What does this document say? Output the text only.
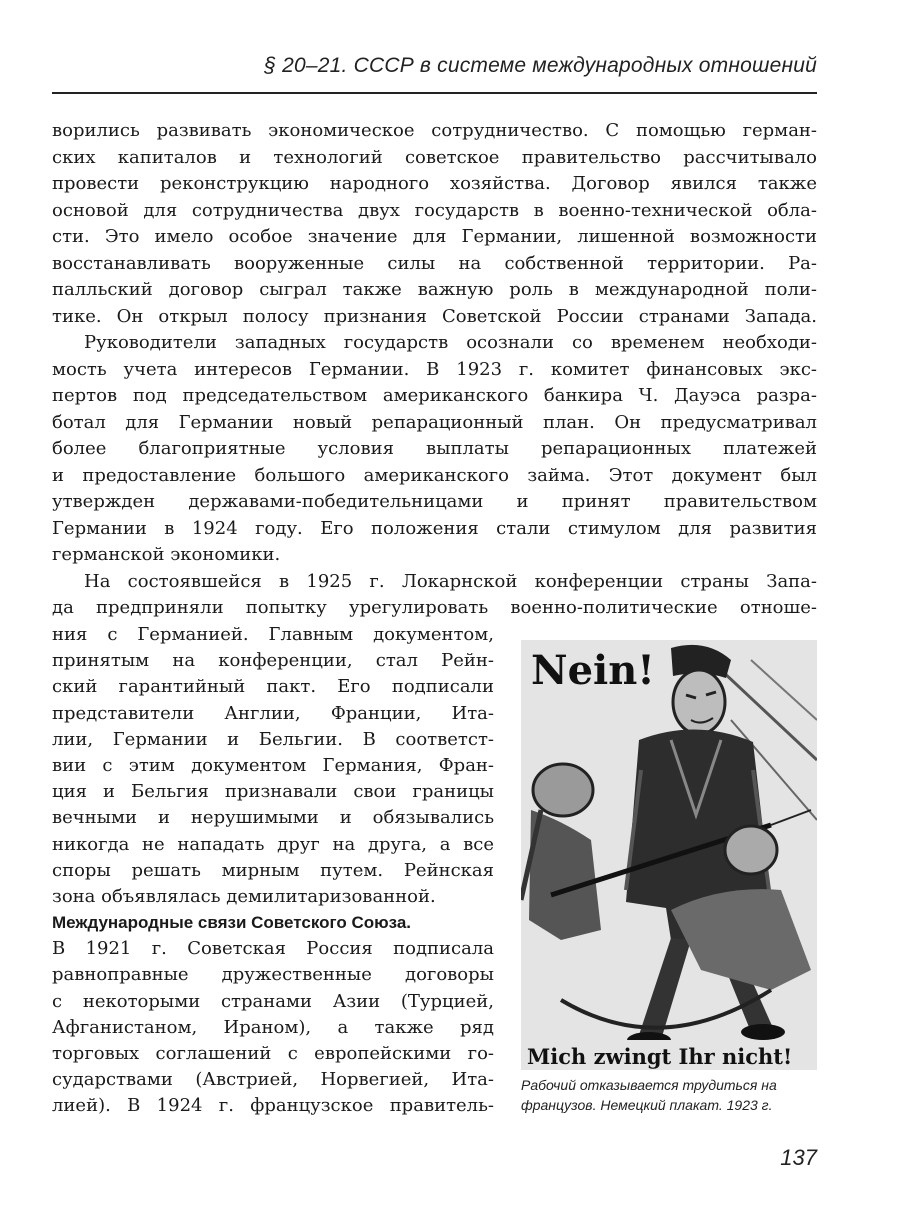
§ 20–21. СССР в системе международных отношений
ворились развивать экономическое сотрудничество. С помощью герман-
ских капиталов и технологий советское правительство рассчитывало
провести реконструкцию народного хозяйства. Договор явился также
основой для сотрудничества двух государств в военно-технической обла-
сти. Это имело особое значение для Германии, лишенной возможности
восстанавливать вооруженные силы на собственной территории. Ра-
палльский договор сыграл также важную роль в международной поли-
тике. Он открыл полосу признания Советской России странами Запада.
Руководители западных государств осознали со временем необходи-
мость учета интересов Германии. В 1923 г. комитет финансовых экс-
пертов под председательством американского банкира Ч. Дауэса разра-
ботал для Германии новый репарационный план. Он предусматривал
более благоприятные условия выплаты репарационных платежей
и предоставление большого американского займа. Этот документ был
утвержден державами-победительницами и принят правительством
Германии в 1924 году. Его положения стали стимулом для развития
германской экономики.
На состоявшейся в 1925 г. Локарнской конференции страны Запа-
да предприняли попытку урегулировать военно-политические отноше-
ния с Германией. Главным документом,
принятым на конференции, стал Рейн-
ский гарантийный пакт. Его подписали
представители Англии, Франции, Ита-
лии, Германии и Бельгии. В соответст-
вии с этим документом Германия, Фран-
ция и Бельгия признавали свои границы
вечными и нерушимыми и обязывались
никогда не нападать друг на друга, а все
споры решать мирным путем. Рейнская
зона объявлялась демилитаризованной.
Международные связи Советского Союза.
В 1921 г. Советская Россия подписала
равноправные дружественные договоры
с некоторыми странами Азии (Турцией,
Афганистаном, Ираном), а также ряд
торговых соглашений с европейскими го-
сударствами (Австрией, Норвегией, Ита-
лией). В 1924 г. французское правитель-
Nein!
Mich zwingt Ihr nicht!
Рабочий отказывается трудиться на
французов. Немецкий плакат. 1923 г.
137
